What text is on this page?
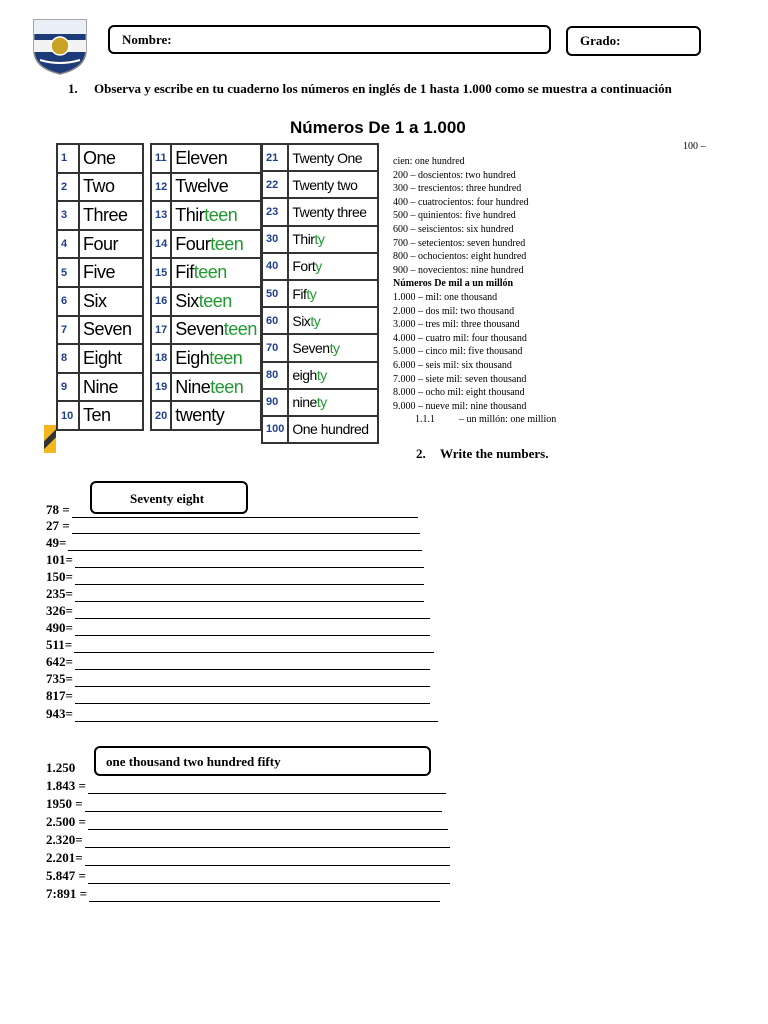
Nombre:	Grado:
1. Observa y escribe en tu cuaderno los números en inglés de 1 hasta 1.000 como se muestra a continuación
Números De 1 a 1.000
1	One
2	Two
3	Three
4	Four
5	Five
6	Six
7	Seven
8	Eight
9	Nine
10	Ten
11	Eleven
12	Twelve
13	Thirteen
14	Fourteen
15	Fifteen
16	Sixteen
17	Seventeen
18	Eighteen
19	Nineteen
20	twenty
21	Twenty One
22	Twenty two
23	Twenty three
30	Thirty
40	Forty
50	Fifty
60	Sixty
70	Seventy
80	eighty
90	ninety
100	One hundred
100 –
cien: one hundred
200 – doscientos: two hundred
300 – trescientos: three hundred
400 – cuatrocientos: four hundred
500 – quinientos: five hundred
600 – seiscientos: six hundred
700 – setecientos: seven hundred
800 – ochocientos: eight hundred
900 – novecientos: nine hundred
Números De mil a un millón
1.000 – mil: one thousand
2.000 – dos mil: two thousand
3.000 – tres mil: three thousand
4.000 – cuatro mil: four thousand
5.000 – cinco mil: five thousand
6.000 – seis mil: six thousand
7.000 – siete mil: seven thousand
8.000 – ocho mil: eight thousand
9.000 – nueve mil: nine thousand
1.1.1 – un millón: one million
2. Write the numbers.
Seventy eight
78 =
27 =
49=
101=
150=
235=
326=
490=
511=
642=
735=
817=
943=
one thousand two hundred fifty
1.250
1.843 =
1950 =
2.500 =
2.320=
2.201=
5.847 =
7:891 =
